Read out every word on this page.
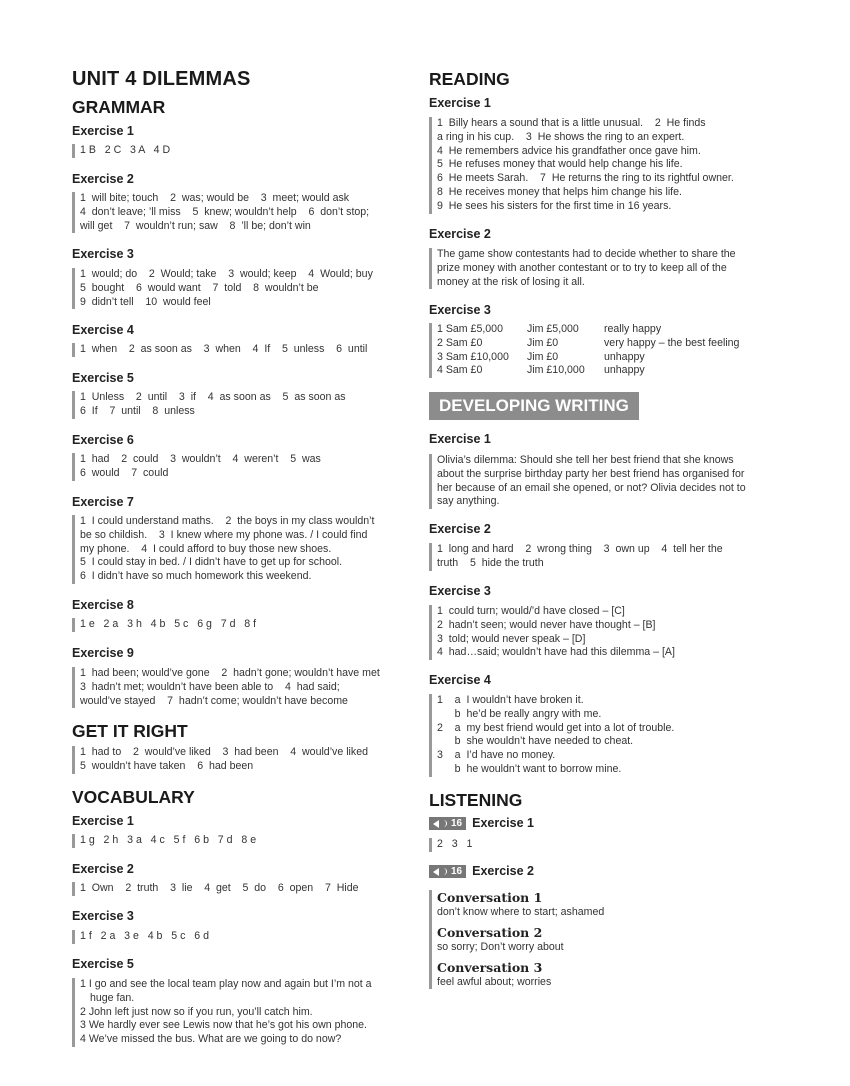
UNIT 4 DILEMMAS
GRAMMAR
Exercise 1
1 B   2 C   3 A   4 D
Exercise 2
1  will bite; touch    2  was; would be    3  meet; would ask
4  don’t leave; ’ll miss    5  knew; wouldn’t help    6  don’t stop;
will get    7  wouldn’t run; saw    8  ’ll be; don’t win
Exercise 3
1  would; do    2  Would; take    3  would; keep    4  Would; buy
5  bought    6  would want    7  told    8  wouldn’t be
9  didn’t tell    10  would feel
Exercise 4
1  when    2  as soon as    3  when    4  If    5  unless    6  until
Exercise 5
1  Unless    2  until    3  if    4  as soon as    5  as soon as
6  If    7  until    8  unless
Exercise 6
1  had    2  could    3  wouldn’t    4  weren’t    5  was
6  would    7  could
Exercise 7
1  I could understand maths.    2  the boys in my class wouldn’t
be so childish.    3  I knew where my phone was. / I could find
my phone.    4  I could afford to buy those new shoes.
5  I could stay in bed. / I didn’t have to get up for school.
6  I didn’t have so much homework this weekend.
Exercise 8
1 e   2 a   3 h   4 b   5 c   6 g   7 d   8 f
Exercise 9
1  had been; would’ve gone    2  hadn’t gone; wouldn’t have met
3  hadn’t met; wouldn’t have been able to    4  had said;
would’ve stayed    7  hadn’t come; wouldn’t have become
GET IT RIGHT
1  had to    2  would’ve liked    3  had been    4  would’ve liked
5  wouldn’t have taken    6  had been
VOCABULARY
Exercise 1
1 g   2 h   3 a   4 c   5 f   6 b   7 d   8 e
Exercise 2
1  Own    2  truth    3  lie    4  get    5  do    6  open    7  Hide
Exercise 3
1 f   2 a   3 e   4 b   5 c   6 d
Exercise 5
1 I go and see the local team play now and again but I’m not a huge fan.
2 John left just now so if you run, you’ll catch him.
3 We hardly ever see Lewis now that he’s got his own phone.
4 We’ve missed the bus. What are we going to do now?
READING
Exercise 1
1  Billy hears a sound that is a little unusual.    2  He finds
a ring in his cup.    3  He shows the ring to an expert.
4  He remembers advice his grandfather once gave him.
5  He refuses money that would help change his life.
6  He meets Sarah.    7  He returns the ring to its rightful owner.
8  He receives money that helps him change his life.
9  He sees his sisters for the first time in 16 years.
Exercise 2
The game show contestants had to decide whether to share the prize money with another contestant or to try to keep all of the money at the risk of losing it all.
Exercise 3
1 Sam £5,000	Jim £5,000	really happy
2 Sam £0	Jim £0	very happy – the best feeling
3 Sam £10,000	Jim £0	unhappy
4 Sam £0	Jim £10,000	unhappy
DEVELOPING WRITING
Exercise 1
Olivia’s dilemma: Should she tell her best friend that she knows about the surprise birthday party her best friend has organised for her because of an email she opened, or not? Olivia decides not to say anything.
Exercise 2
1  long and hard    2  wrong thing    3  own up    4  tell her the
truth    5  hide the truth
Exercise 3
1  could turn; would/’d have closed – [C]
2  hadn’t seen; would never have thought – [B]
3  told; would never speak – [D]
4  had…said; wouldn’t have had this dilemma – [A]
Exercise 4
1    a  I wouldn’t have broken it.
b  he’d be really angry with me.
2    a  my best friend would get into a lot of trouble.
b  she wouldn’t have needed to cheat.
3    a  I’d have no money.
b  he wouldn’t want to borrow mine.
LISTENING
16 Exercise 1
2   3   1
16 Exercise 2
Conversation 1
don’t know where to start; ashamed
Conversation 2
so sorry; Don’t worry about
Conversation 3
feel awful about; worries
